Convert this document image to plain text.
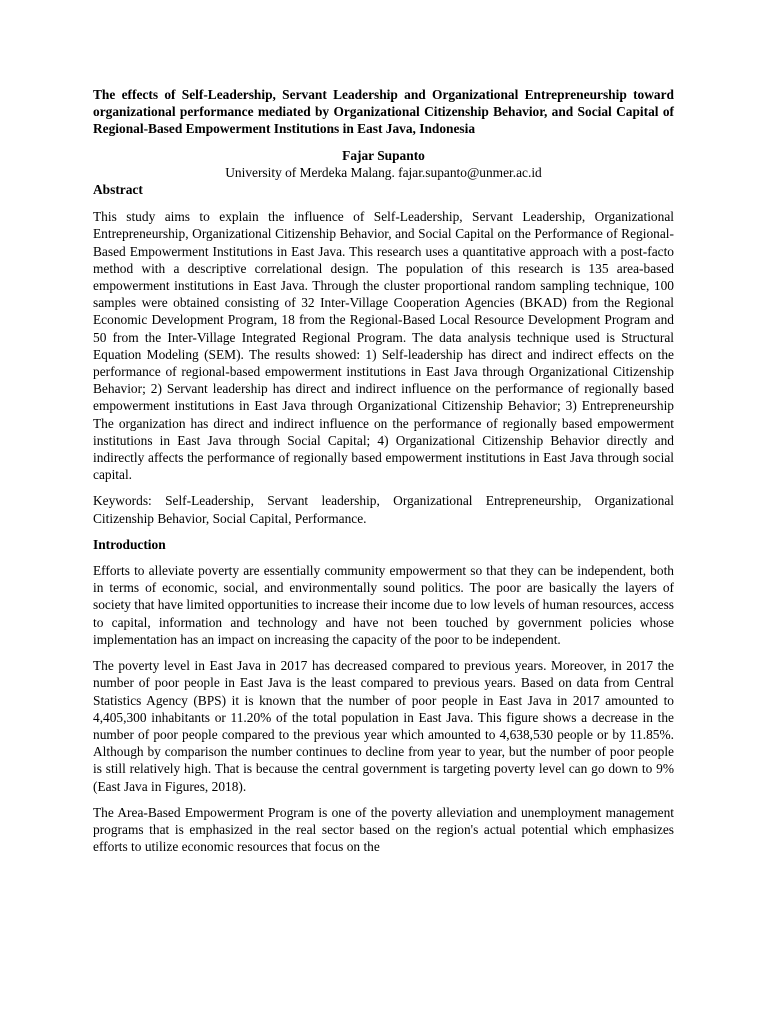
The effects of Self-Leadership, Servant Leadership and Organizational Entrepreneurship toward organizational performance mediated by Organizational Citizenship Behavior, and Social Capital of Regional-Based Empowerment Institutions in East Java, Indonesia

Fajar Supanto

University of Merdeka Malang. fajar.supanto@unmer.ac.id

Abstract

This study aims to explain the influence of Self-Leadership, Servant Leadership, Organizational Entrepreneurship, Organizational Citizenship Behavior, and Social Capital on the Performance of Regional-Based Empowerment Institutions in East Java. This research uses a quantitative approach with a post-facto method with a descriptive correlational design. The population of this research is 135 area-based empowerment institutions in East Java. Through the cluster proportional random sampling technique, 100 samples were obtained consisting of 32 Inter-Village Cooperation Agencies (BKAD) from the Regional Economic Development Program, 18 from the Regional-Based Local Resource Development Program and 50 from the Inter-Village Integrated Regional Program. The data analysis technique used is Structural Equation Modeling (SEM). The results showed: 1) Self-leadership has direct and indirect effects on the performance of regional-based empowerment institutions in East Java through Organizational Citizenship Behavior; 2) Servant leadership has direct and indirect influence on the performance of regionally based empowerment institutions in East Java through Organizational Citizenship Behavior; 3) Entrepreneurship The organization has direct and indirect influence on the performance of regionally based empowerment institutions in East Java through Social Capital; 4) Organizational Citizenship Behavior directly and indirectly affects the performance of regionally based empowerment institutions in East Java through social capital.

Keywords: Self-Leadership, Servant leadership, Organizational Entrepreneurship, Organizational Citizenship Behavior, Social Capital, Performance.

Introduction

Efforts to alleviate poverty are essentially community empowerment so that they can be independent, both in terms of economic, social, and environmentally sound politics. The poor are basically the layers of society that have limited opportunities to increase their income due to low levels of human resources, access to capital, information and technology and have not been touched by government policies whose implementation has an impact on increasing the capacity of the poor to be independent.

The poverty level in East Java in 2017 has decreased compared to previous years. Moreover, in 2017 the number of poor people in East Java is the least compared to previous years. Based on data from Central Statistics Agency (BPS) it is known that the number of poor people in East Java in 2017 amounted to 4,405,300 inhabitants or 11.20% of the total population in East Java. This figure shows a decrease in the number of poor people compared to the previous year which amounted to 4,638,530 people or by 11.85%. Although by comparison the number continues to decline from year to year, but the number of poor people is still relatively high. That is because the central government is targeting poverty level can go down to 9% (East Java in Figures, 2018).

The Area-Based Empowerment Program is one of the poverty alleviation and unemployment management programs that is emphasized in the real sector based on the region's actual potential which emphasizes efforts to utilize economic resources that focus on the
